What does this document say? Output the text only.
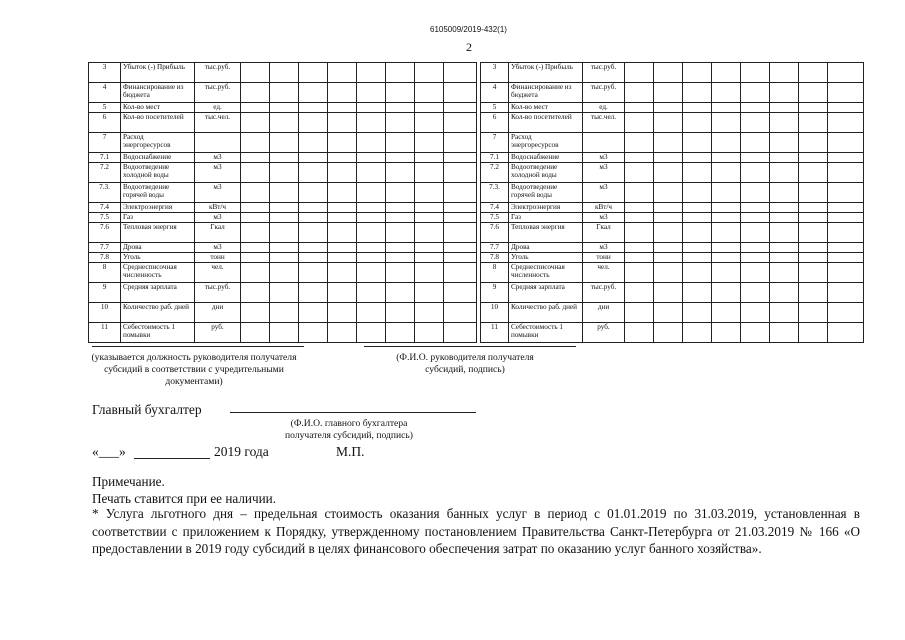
6105009/2019-432(1)
2
3	Убыток (-) Прибыль	тыс.руб.								
4	Финансирование из бюджета	тыс.руб.								
5	Кол-во мест	ед.								
6	Кол-во посетителей	тыс.чел.								
7	Расход энергоресурсов									
7.1	Водоснабжение	м3								
7.2	Водоотведение холодной воды	м3								
7.3.	Водоотведение горячей воды	м3								
7.4	Электроэнергия	кВт/ч								
7.5	Газ	м3								
7.6	Тепловая энергия	Гкал								
7.7	Дрова	м3								
7.8	Уголь	тонн								
8	Среднесписочная численность	чел.								
9	Средняя зарплата	тыс.руб.								
10	Количество раб. дней	дни								
11	Себестоимость 1 помывки	руб.								
3	Убыток (-) Прибыль	тыс.руб.								
4	Финансирование из бюджета	тыс.руб.								
5	Кол-во мест	ед.								
6	Кол-во посетителей	тыс.чел.								
7	Расход энергоресурсов									
7.1	Водоснабжение	м3								
7.2	Водоотведение холодной воды	м3								
7.3.	Водоотведение горячей воды	м3								
7.4	Электроэнергия	кВт/ч								
7.5	Газ	м3								
7.6	Тепловая энергия	Гкал								
7.7	Дрова	м3								
7.8	Уголь	тонн								
8	Среднесписочная численность	чел.								
9	Средняя зарплата	тыс.руб.								
10	Количество раб. дней	дни								
11	Себестоимость 1 помывки	руб.								
(указывается должность руководителя получателя субсидий в соответствии с учредительными документами)
(Ф.И.О. руководителя получателя субсидий, подпись)
Главный бухгалтер
(Ф.И.О. главного бухгалтера получателя субсидий, подпись)
«___»	2019 года	М.П.
Примечание.
Печать ставится при ее наличии.
* Услуга льготного дня – предельная стоимость оказания банных услуг в период с 01.01.2019 по 31.03.2019, установленная в соответствии с приложением к Порядку, утвержденному постановлением Правительства Санкт-Петербурга от 21.03.2019 № 166 «О предоставлении в 2019 году субсидий в целях финансового обеспечения затрат по оказанию услуг банного хозяйства».
